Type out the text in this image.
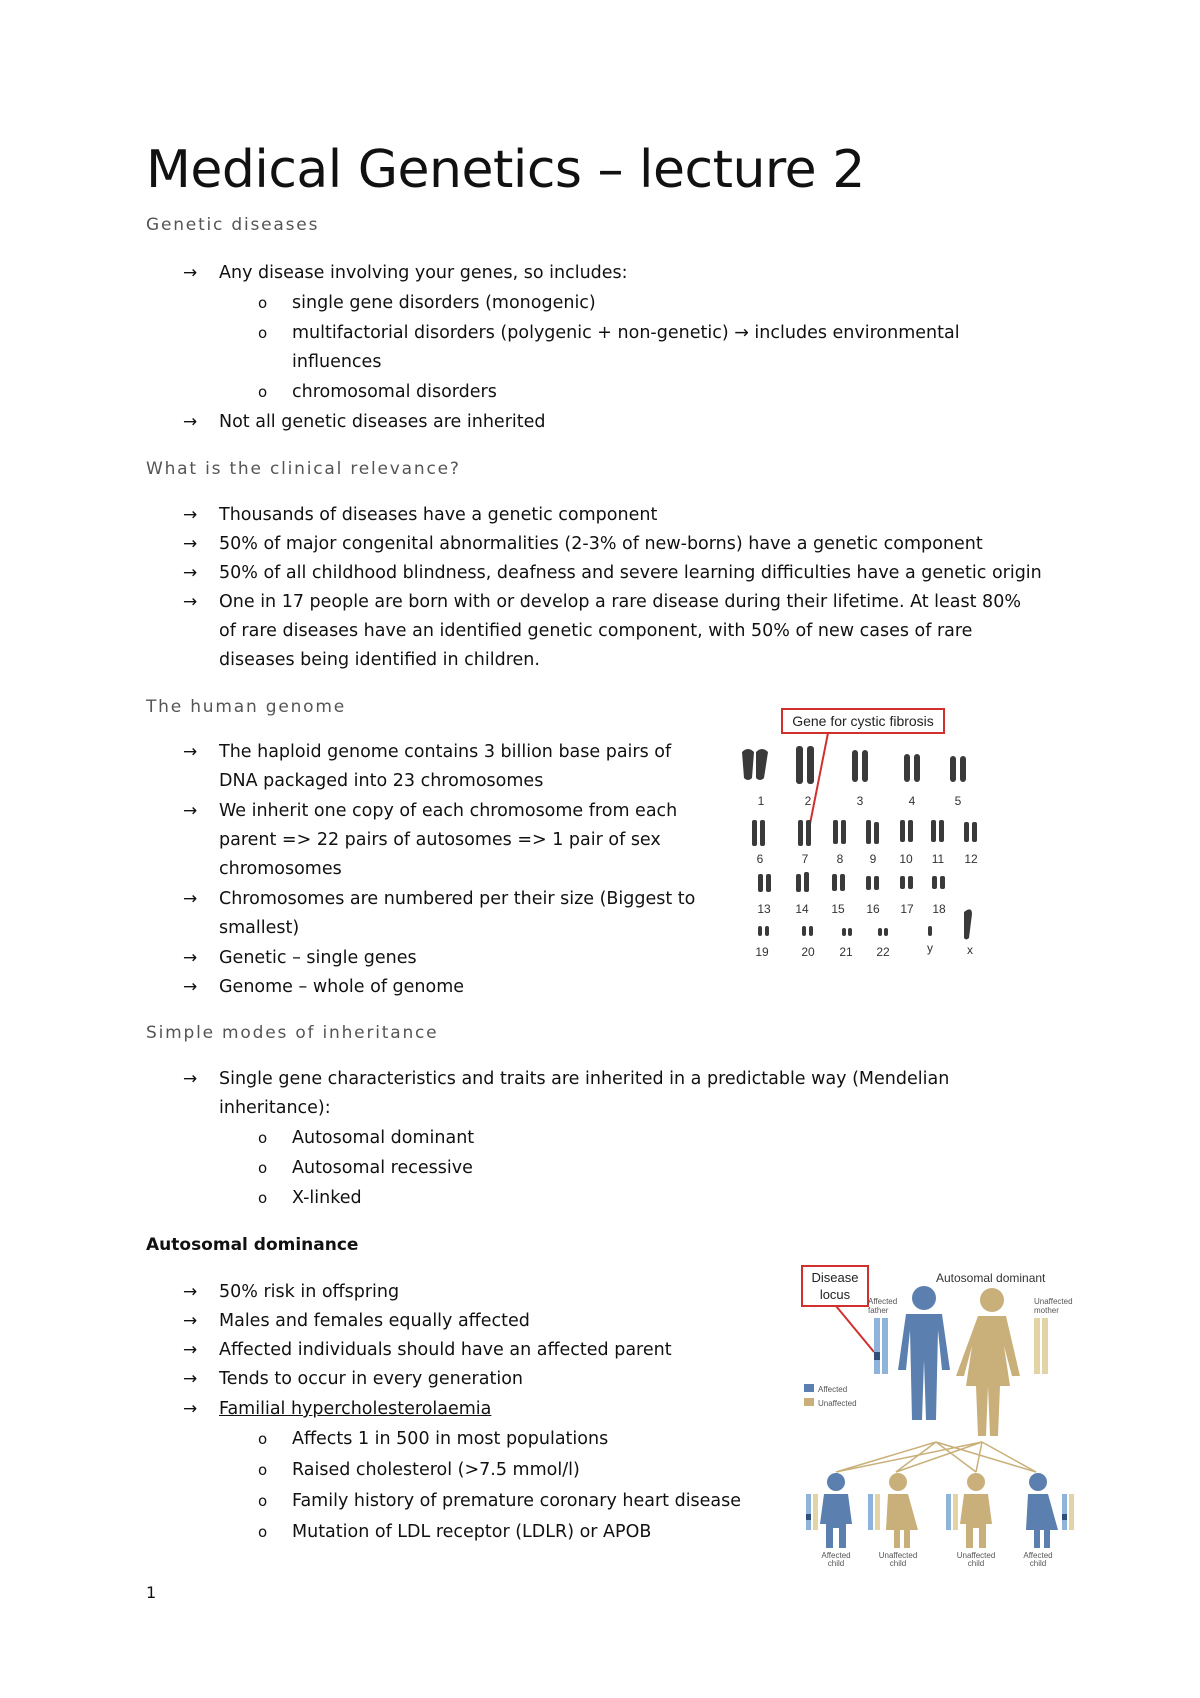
Medical Genetics – lecture 2
Genetic diseases
→ Any disease involving your genes, so includes:
o single gene disorders (monogenic)
o multifactorial disorders (polygenic + non-genetic) → includes environmental
influences
o chromosomal disorders
→ Not all genetic diseases are inherited
What is the clinical relevance?
→ Thousands of diseases have a genetic component
→ 50% of major congenital abnormalities (2-3% of new-borns) have a genetic component
→ 50% of all childhood blindness, deafness and severe learning difficulties have a genetic origin
→ One in 17 people are born with or develop a rare disease during their lifetime. At least 80%
of rare diseases have an identified genetic component, with 50% of new cases of rare
diseases being identified in children.
The human genome
→ The haploid genome contains 3 billion base pairs of
DNA packaged into 23 chromosomes
→ We inherit one copy of each chromosome from each
parent => 22 pairs of autosomes => 1 pair of sex
chromosomes
→ Chromosomes are numbered per their size (Biggest to
smallest)
→ Genetic – single genes
→ Genome – whole of genome
Gene for cystic fibrosis
1	2	3	4	5
6	7 8 9 10 11 12
13 14 15 16 17 18
19	20 21 22	y	x
Simple modes of inheritance
→ Single gene characteristics and traits are inherited in a predictable way (Mendelian
inheritance):
o Autosomal dominant
o Autosomal recessive
o X-linked
Autosomal dominance
→ 50% risk in offspring
→ Males and females equally affected
→ Affected individuals should have an affected parent
→ Tends to occur in every generation
→ Familial hypercholesterolaemia
o Affects 1 in 500 in most populations
o Raised cholesterol (>7.5 mmol/l)
o Family history of premature coronary heart disease
o Mutation of LDL receptor (LDLR) or APOB
Disease
locus
Autosomal dominant
Affected
father
Unaffected
mother
Affected
Unaffected
Affected
child
Unaffected
child
Unaffected
child
Affected
child
1
